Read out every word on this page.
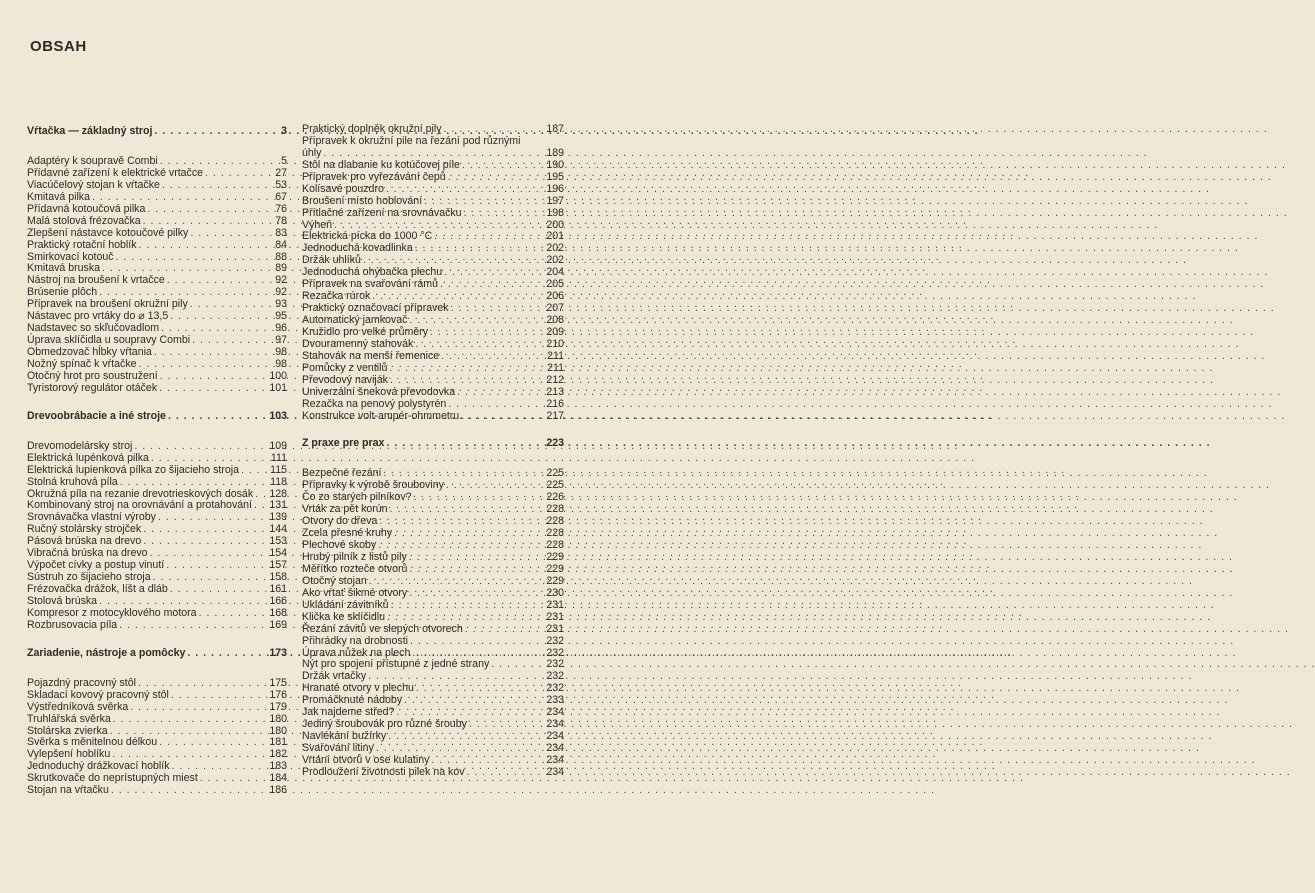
OBSAH
Vŕtačka — základný stroj . . .	3
Adaptéry k soupravě Combi . . .	5
Přídavné zařízení k elektrické vrtačce . . .	27
Viacúčelový stojan k vŕtačke . . .	53
Kmitavá pilka . . .	67
Přídavná kotoučová pilka . . .	76
Malá stolová frézovačka . . .	78
Zlepšení nástavce kotoučové pilky . . .	83
Praktický rotační hoblík . . .	84
Smirkovací kotouč . . .	88
Kmitavá bruska . . .	89
Nástroj na broušení k vrtačce . . .	92
Brúsenie plôch . . .	92
Přípravek na broušení okružní pily . . .	93
Nástavec pro vrtáky do ⌀ 13,5 . . .	95
Nadstavec so skľučovadlom . . .	96
Úprava sklíčidla u soupravy Combi . . .	97
Obmedzovač hĺbky vŕtania . . .	98
Nožný spínač k vŕtačke . . .	98
Otočný hrot pro soustružení . . .	100
Tyristorový regulátor otáček . . .	101
Drevoobrábacie a iné stroje . . .	103
Drevomodelársky stroj . . .	109
Elektrická lupénková pilka . . .	111
Elektrická lupienková pílka zo šijacieho stroja . . .	115
Stolná kruhová píla . . .	118
Okružná píla na rezanie drevotrieskových dosák . . . 128
Kombinovaný stroj na orovnávání a protahování . . . 131
Srovnávačka vlastní výroby . . .	139
Ručný stolársky strojček . . .	144
Pásová brúska na drevo . . .	153
Vibračná brúska na drevo . . .	154
Výpočet cívky a postup vinutí . . .	157
Sústruh zo šijacieho stroja . . .	158
Frézovačka drážok, líšt a dláb . . .	161
Stolová brúska . . .	166
Kompresor z motocyklového motora . . .	168
Rozbrusovacia píla . . .	169
Zariadenie, nástroje a pomôcky . . .	173
Pojazdný pracovný stôl . . .	175
Skladací kovový pracovný stôl . . .	176
Výstředníková svěrka . . .	179
Truhlářská svěrka . . .	180
Stolárska zvierka . . .	180
Svěrka s měnitelnou délkou . . .	181
Vylepšení hoblíku . . .	182
Jednoduchý drážkovací hoblík . . .	183
Skrutkovače do neprístupných miest . . .	184
Stojan na vŕtačku . . .	186
Praktický doplněk okružní pily . . .	187
Přípravek k okružní pile na řezání pod různými
úhly . . .	189
Stôl na dlabanie ku kotúčovej píle . . .	190
Přípravek pro vyřezávání čepů . . .	195
Kolísavé pouzdro . . .	196
Broušení místo hoblování . . .	197
Přítlačné zařízení na srovnávačku . . .	198
Výheň . . .	200
Elektrická pícka do 1000 °C . . .	201
Jednoduchá kovadlinka . . .	202
Držák uhlíků . . .	202
Jednoduchá ohýbačka plechu . . .	204
Přípravek na svařování rámů . . .	205
Rezačka rúrok . . .	206
Praktický označovací přípravek . . .	207
Automatický jamkovač . . .	208
Kružidlo pro velké průměry . . .	209
Dvouramenný stahovák . . .	210
Stahovák na menší řemenice . . .	211
Pomůcky z ventilů . . .	211
Převodový naviják . . .	212
Univerzální šneková převodovka . . .	213
Rezačka na penový polystyrén . . .	216
Konstrukce volt-ampér-ohmmetru . . .	217
Z praxe pre prax . . .	223
Bezpečné řezání . . .	225
Přípravky k výrobě šrouboviny . . .	225
Čo zo starých pilníkov? . . .	226
Vrták za pět korún . . .	228
Otvory do dřeva . . .	228
Zcela přesné kruhy . . .	228
Plechové skoby . . .	228
Hrubý pilník z listů pily . . .	229
Měřítko rozteče otvorů . . .	229
Otočný stojan . . .	229
Ako vŕtať šikmé otvory . . .	230
Ukládání závitníků . . .	231
Klička ke sklíčidlu . . .	231
Řezání závitů ve slepých otvorech . . .	231
Přihrádky na drobnosti . . .	232
Úprava nůžek na plech . . .	232
Nýt pro spojení přístupné z jedné strany . . .	232
Držák vrtačky . . .	232
Hranaté otvory v plechu . . .	232
Promáčknuté nádoby . . .	233
Jak najdeme střed? . . .	234
Jediný šroubovák pro různé šrouby . . .	234
Navlékání bužírky . . .	234
Svařování litiny . . .	234
Vrtání otvorů v ose kulatiny . . .	234
Prodloužení životnosti pilek na kov . . .	234
